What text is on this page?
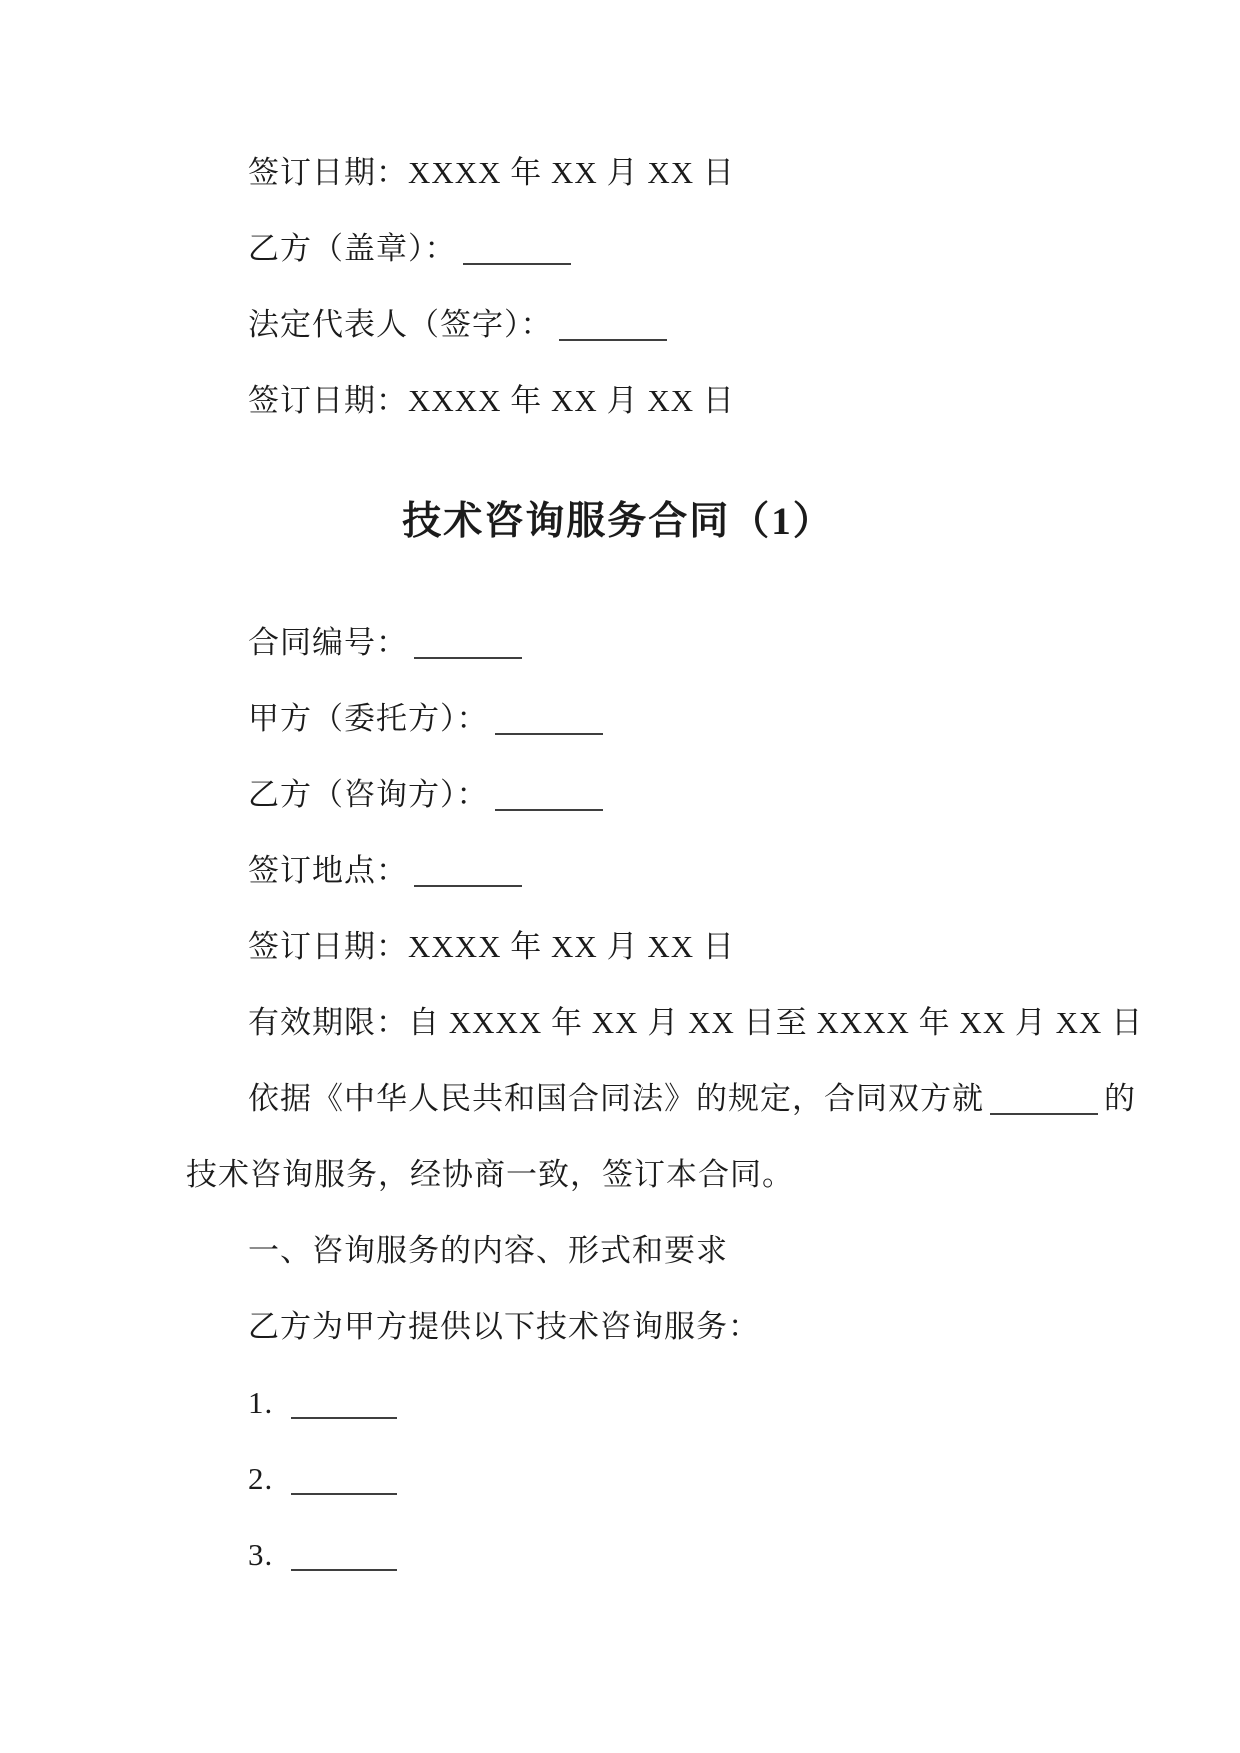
签订日期：XXXX 年 XX 月 XX 日
乙方（盖章）：
法定代表人（签字）：
签订日期：XXXX 年 XX 月 XX 日
技术咨询服务合同（1）
合同编号：
甲方（委托方）：
乙方（咨询方）：
签订地点：
签订日期：XXXX 年 XX 月 XX 日
有效期限：自 XXXX 年 XX 月 XX 日至 XXXX 年 XX 月 XX 日
依据《中华人民共和国合同法》的规定，合同双方就	的
技术咨询服务，经协商一致，签订本合同。
一、咨询服务的内容、形式和要求
乙方为甲方提供以下技术咨询服务：
1.
2.
3.
